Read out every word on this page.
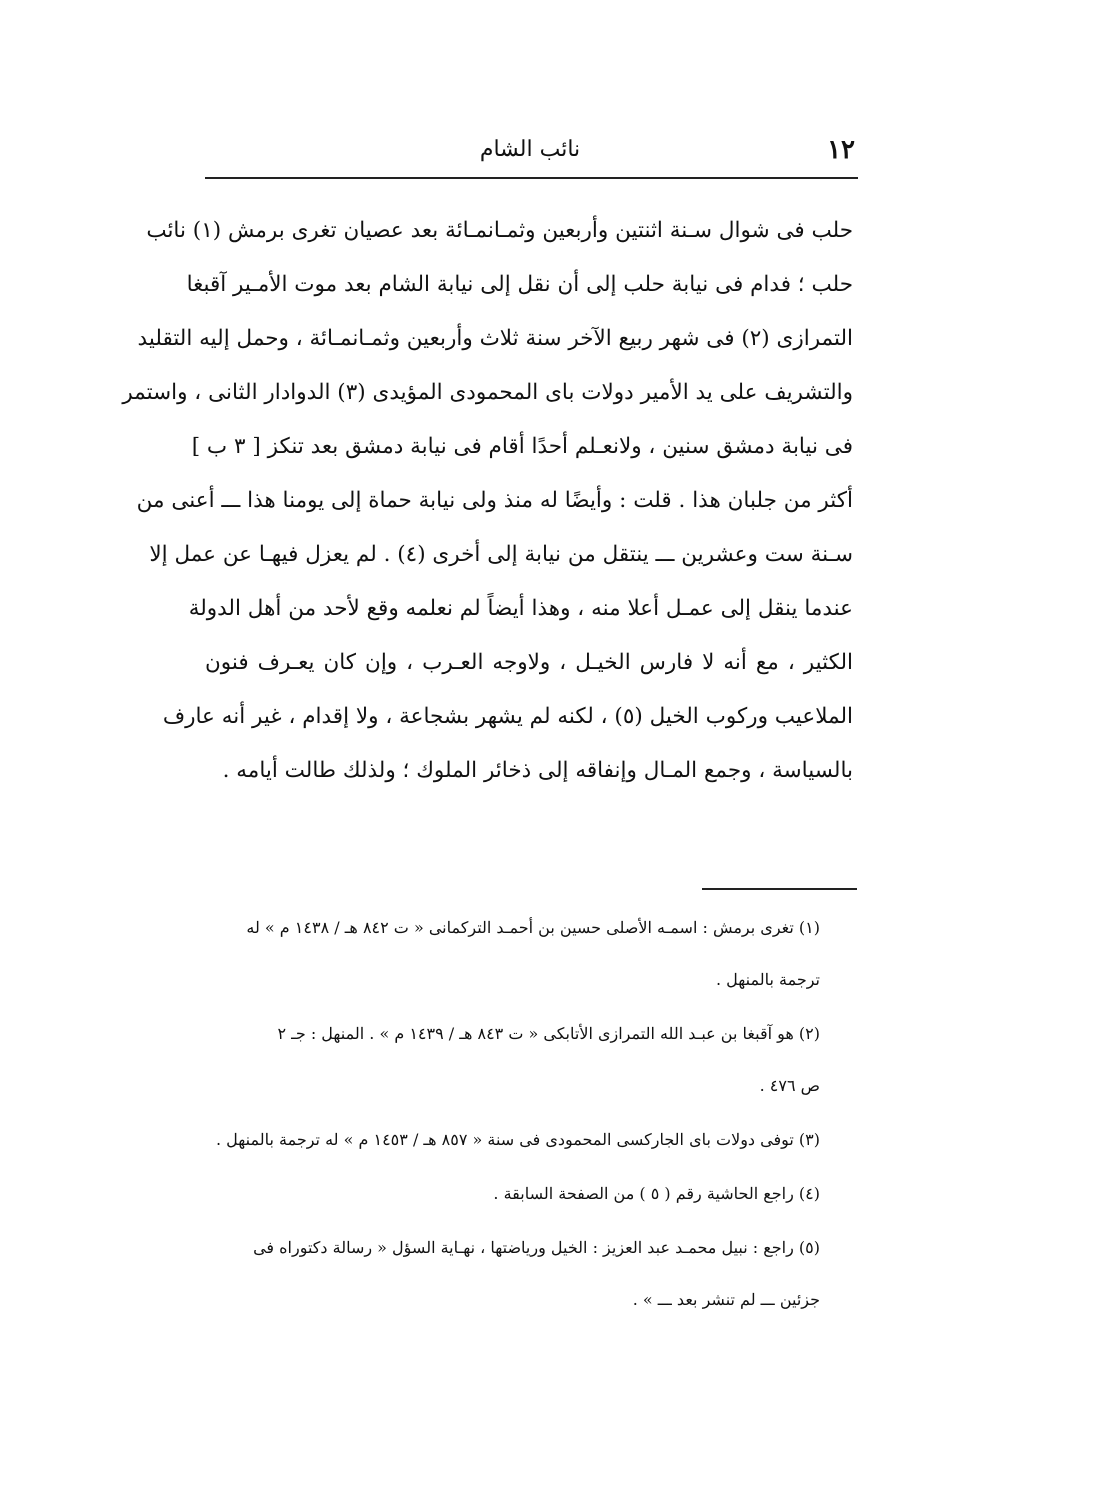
١٢
نائب الشام
حلب فى شوال سـنة اثنتين وأربعين وثمـانمـائة بعد عصيان تغرى برمش (١) نائب
حلب ؛ فدام فى نيابة حلب إلى أن نقل إلى نيابة الشام بعد موت الأمـير آقبغا
التمرازى (٢) فى شهر ربيع الآخر سنة ثلاث وأربعين وثمـانمـائة ، وحمل إليه التقليد
والتشريف على يد الأمير دولات باى المحمودى المؤيدى (٣) الدوادار الثانى ، واستمر
فى نيابة دمشق سنين ، ولانعـلم أحدًا أقام فى نيابة دمشق بعد تنكز [ ٣ ب ]
أكثر من جلبان هذا . قلت : وأيضًا له منذ ولى نيابة حماة إلى يومنا هذا ـــ أعنى من
سـنة ست وعشرين ـــ ينتقل من نيابة إلى أخرى (٤) . لم يعزل فيهـا عن عمل إلا
عندما ينقل إلى عمـل أعلا منه ، وهذا أيضاً لم نعلمه وقع لأحد من أهل الدولة
الكثير ، مع أنه لا فارس الخيـل ، ولاوجه العـرب ، وإن كان يعـرف فنون
الملاعيب وركوب الخيل (٥) ، لكنه لم يشهر بشجاعة ، ولا إقدام ، غير أنه عارف
بالسياسة ، وجمع المـال وإنفاقه إلى ذخائر الملوك ؛ ولذلك طالت أيامه .
(١) تغرى برمش : اسمـه الأصلى حسين بن أحمـد التركمانى « ت ٨٤٢ هـ / ١٤٣٨ م » له
ترجمة بالمنهل .
(٢) هو آقبغا بن عبـد الله التمرازى الأتابكى « ت ٨٤٣ هـ / ١٤٣٩ م » . المنهل : جـ ٢
ص ٤٧٦ .
(٣) توفى دولات باى الجاركسى المحمودى فى سنة « ٨٥٧ هـ / ١٤٥٣ م » له ترجمة بالمنهل .
(٤) راجع الحاشية رقم ( ٥ ) من الصفحة السابقة .
(٥) راجع : نبيل محمـد عبد العزيز : الخيل ورياضتها ، نهـاية السؤل « رسالة دكتوراه فى
جزئين ـــ لم تنشر بعد ـــ » .
